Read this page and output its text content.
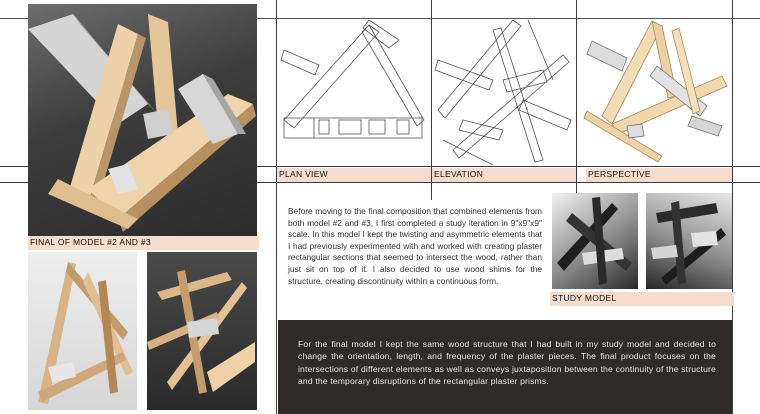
FINAL OF MODEL #2 AND #3
PLAN VIEW	ELEVATION	PERSPECTIVE
Before moving to the final composition that combined elements from both model #2 and #3, I first completed a study iteration in 9"x9"x9" scale. In this model I kept the twisting and asymmetric elements that I had previously experimented with and worked with creating plaster rectangular sections that seemed to intersect the wood, rather than just sit on top of it. I also decided to use wood shims for the structure, creating discontinuity within a continuous form.
STUDY MODEL
For the final model I kept the same wood structure that I had built in my study model and decided to change the orientation, length, and frequency of the plaster pieces. The final product focuses on the intersections of different elements as well as conveys juxtaposition between the continuity of the structure and the temporary disruptions of the rectangular plaster prisms.
